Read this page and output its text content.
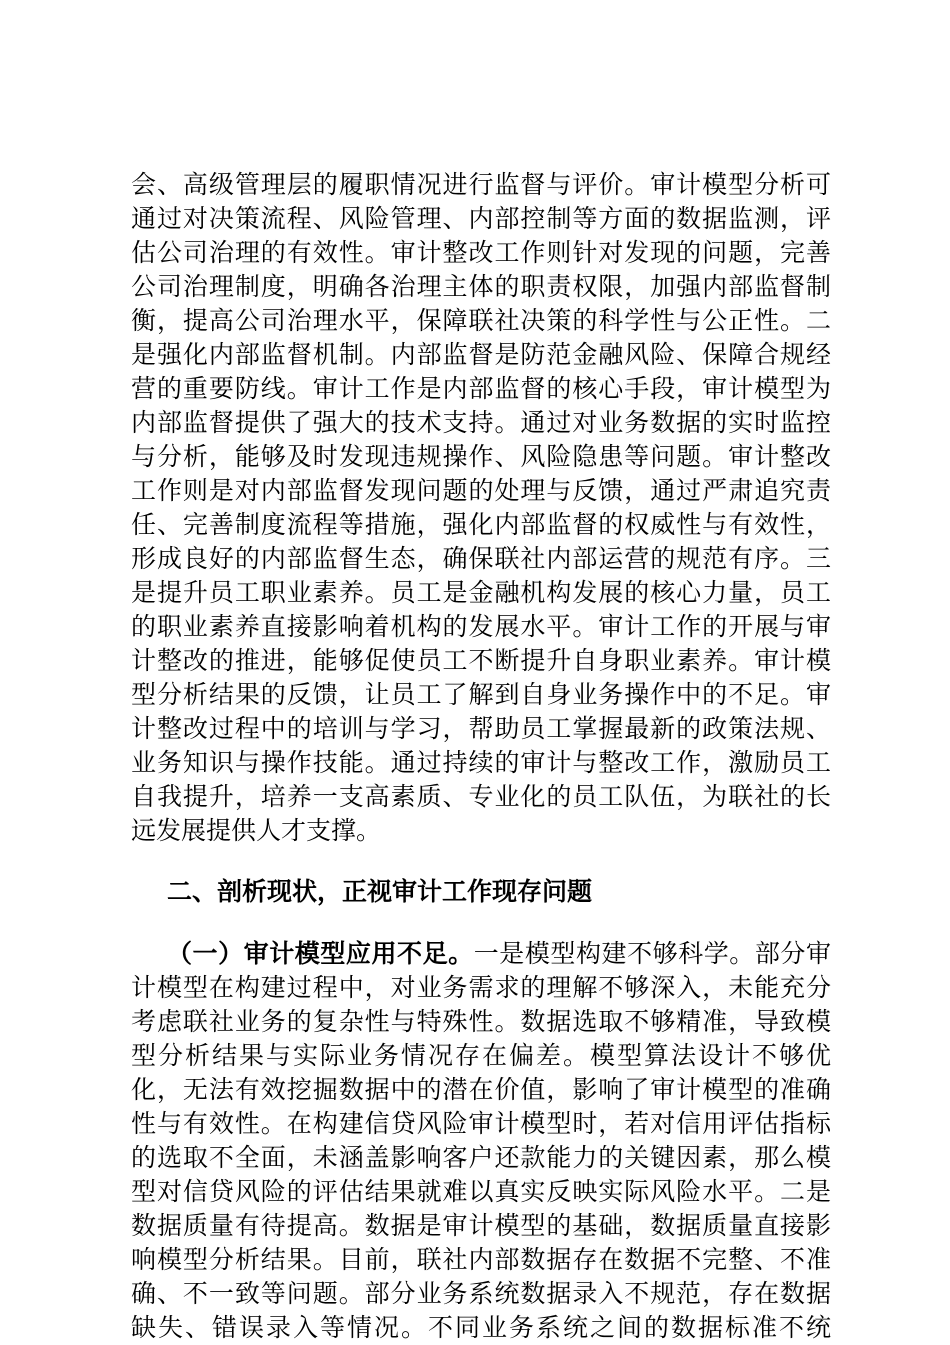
会、高级管理层的履职情况进行监督与评价。审计模型分析可
通过对决策流程、风险管理、内部控制等方面的数据监测，评
估公司治理的有效性。审计整改工作则针对发现的问题，完善
公司治理制度，明确各治理主体的职责权限，加强内部监督制
衡，提高公司治理水平，保障联社决策的科学性与公正性。二
是强化内部监督机制。内部监督是防范金融风险、保障合规经
营的重要防线。审计工作是内部监督的核心手段，审计模型为
内部监督提供了强大的技术支持。通过对业务数据的实时监控
与分析，能够及时发现违规操作、风险隐患等问题。审计整改
工作则是对内部监督发现问题的处理与反馈，通过严肃追究责
任、完善制度流程等措施，强化内部监督的权威性与有效性，
形成良好的内部监督生态，确保联社内部运营的规范有序。三
是提升员工职业素养。员工是金融机构发展的核心力量，员工
的职业素养直接影响着机构的发展水平。审计工作的开展与审
计整改的推进，能够促使员工不断提升自身职业素养。审计模
型分析结果的反馈，让员工了解到自身业务操作中的不足。审
计整改过程中的培训与学习，帮助员工掌握最新的政策法规、
业务知识与操作技能。通过持续的审计与整改工作，激励员工
自我提升，培养一支高素质、专业化的员工队伍，为联社的长
远发展提供人才支撑。
二、剖析现状，正视审计工作现存问题
（一）审计模型应用不足。一是模型构建不够科学。部分审
计模型在构建过程中，对业务需求的理解不够深入，未能充分
考虑联社业务的复杂性与特殊性。数据选取不够精准，导致模
型分析结果与实际业务情况存在偏差。模型算法设计不够优
化，无法有效挖掘数据中的潜在价值，影响了审计模型的准确
性与有效性。在构建信贷风险审计模型时，若对信用评估指标
的选取不全面，未涵盖影响客户还款能力的关键因素，那么模
型对信贷风险的评估结果就难以真实反映实际风险水平。二是
数据质量有待提高。数据是审计模型的基础，数据质量直接影
响模型分析结果。目前，联社内部数据存在数据不完整、不准
确、不一致等问题。部分业务系统数据录入不规范，存在数据
缺失、错误录入等情况。不同业务系统之间的数据标准不统
